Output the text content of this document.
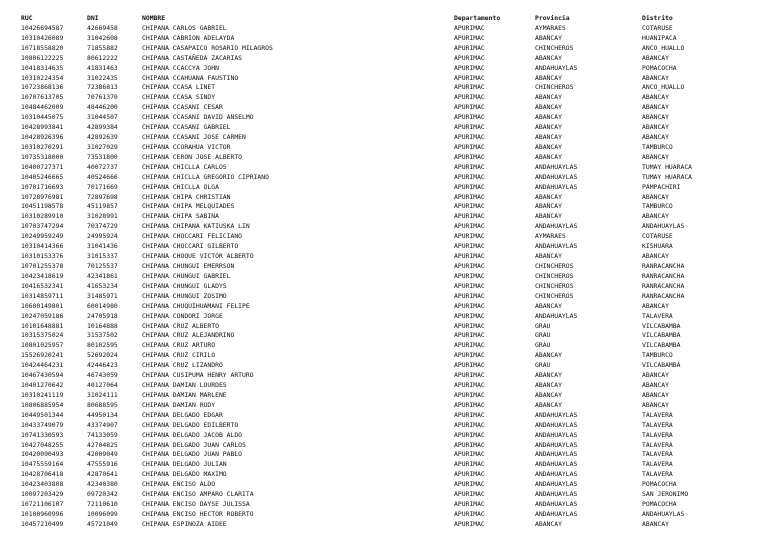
RUC	DNI	NOMBRE	Departamento	Provincia	Distrito
10426694587	42669458	CHIPANA CARLOS GABRIEL	APURIMAC	AYMARAES	COTARUSE
10310426089	31042608	CHIPANA CABRION ADELAYDA	APURIMAC	ABANCAY	HUANIPACA
10718558820	71855882	CHIPANA CASAPAICO ROSARIO MILAGROS	APURIMAC	CHINCHEROS	ANCO_HUALLO
10806122225	80612222	CHIPANA CASTAÑEDA ZACARIAS	APURIMAC	ABANCAY	ABANCAY
10418314635	41831463	CHIPANA CCACCYA JOHN	APURIMAC	ANDAHUAYLAS	POMACOCHA
10310224354	31022435	CHIPANA CCAHUANA FAUSTINO	APURIMAC	ABANCAY	ABANCAY
10723868136	72386813	CHIPANA CCASA LINET	APURIMAC	CHINCHEROS	ANCO_HUALLO
10707613705	70761370	CHIPANA CCASA SINDY	APURIMAC	ABANCAY	ABANCAY
10484462009	48446200	CHIPANA CCASANI CESAR	APURIMAC	ABANCAY	ABANCAY
10310445075	31044507	CHIPANA CCASANI DAVID ANSELMO	APURIMAC	ABANCAY	ABANCAY
10428993841	42899384	CHIPANA CCASANI GABRIEL	APURIMAC	ABANCAY	ABANCAY
10428926396	42892639	CHIPANA CCASANI JOSE CARMEN	APURIMAC	ABANCAY	ABANCAY
10310270291	31027029	CHIPANA CCORAHUA VICTOR	APURIMAC	ABANCAY	TAMBURCO
10735318000	73531800	CHIPANA CERON JOSE ALBERTO	APURIMAC	ABANCAY	ABANCAY
10400727371	40072737	CHIPANA CHICLLA CARLOS	APURIMAC	ANDAHUAYLAS	TUMAY HUARACA
10405246665	40524666	CHIPANA CHICLLA GREGORIO CIPRIANO	APURIMAC	ANDAHUAYLAS	TUMAY HUARACA
10701716693	70171669	CHIPANA CHICLLA OLGA	APURIMAC	ANDAHUAYLAS	PAMPACHIRI
10728976981	72897698	CHIPANA CHIPA CHRISTIAN	APURIMAC	ABANCAY	ABANCAY
10451198578	45119857	CHIPANA CHIPA MELQUIADES	APURIMAC	ABANCAY	TAMBURCO
10310289910	31028991	CHIPANA CHIPA SABINA	APURIMAC	ABANCAY	ABANCAY
10703747294	70374729	CHIPANA CHIPANA KATIUSKA LIN	APURIMAC	ANDAHUAYLAS	ANDAHUAYLAS
10249959249	24995924	CHIPANA CHOCCARI FELICIANO	APURIMAC	AYMARAES	COTARUSE
10310414366	31041436	CHIPANA CHOCCARI GILBERTO	APURIMAC	ANDAHUAYLAS	KISHUARA
10310153376	31015337	CHIPANA CHOQUE VICTOR ALBERTO	APURIMAC	ABANCAY	ABANCAY
10701255378	70125537	CHIPANA CHUNGUI EMERRSON	APURIMAC	CHINCHEROS	RANRACANCHA
10423418619	42341861	CHIPANA CHUNGUI GABRIEL	APURIMAC	CHINCHEROS	RANRACANCHA
10416532341	41653234	CHIPANA CHUNGUI GLADYS	APURIMAC	CHINCHEROS	RANRACANCHA
10314859711	31485971	CHIPANA CHUNGUI ZOSIMO	APURIMAC	CHINCHEROS	RANRACANCHA
10600149801	60014980	CHIPANA CHUQUIHUAMANI FELIPE	APURIMAC	ABANCAY	ABANCAY
10247059186	24705918	CHIPANA CONDORI JORGE	APURIMAC	ANDAHUAYLAS	TALAVERA
10101648881	10164888	CHIPANA CRUZ ALBERTO	APURIMAC	GRAU	VILCABAMBA
10315375024	31537502	CHIPANA CRUZ ALEJANDRINO	APURIMAC	GRAU	VILCABAMBA
10801025957	80102595	CHIPANA CRUZ ARTURO	APURIMAC	GRAU	VILCABAMBA
15526920241	52692024	CHIPANA CRUZ CIRILO	APURIMAC	ABANCAY	TAMBURCO
10424464231	42446423	CHIPANA CRUZ LIZANDRO	APURIMAC	GRAU	VILCABAMBA
10467430594	46743059	CHIPANA CUSIPUMA HENRY ARTURO	APURIMAC	ABANCAY	ABANCAY
10401270642	40127064	CHIPANA DAMIAN LOURDES	APURIMAC	ABANCAY	ABANCAY
10310241119	31024111	CHIPANA DAMIAN MARLENE	APURIMAC	ABANCAY	ABANCAY
10806885954	80688595	CHIPANA DAMIAN RUDY	APURIMAC	ABANCAY	ABANCAY
10449501344	44950134	CHIPANA DELGADO EDGAR	APURIMAC	ANDAHUAYLAS	TALAVERA
10433749079	43374907	CHIPANA DELGADO EDILBERTO	APURIMAC	ANDAHUAYLAS	TALAVERA
10741330593	74133059	CHIPANA DELGADO JACOB ALDO	APURIMAC	ANDAHUAYLAS	TALAVERA
10427048255	42704825	CHIPANA DELGADO JUAN CARLOS	APURIMAC	ANDAHUAYLAS	TALAVERA
10420090493	42009049	CHIPANA DELGADO JUAN PABLO	APURIMAC	ANDAHUAYLAS	TALAVERA
10475559164	47555916	CHIPANA DELGADO JULIAN	APURIMAC	ANDAHUAYLAS	TALAVERA
10428706418	42870641	CHIPANA DELGADO MAXIMO	APURIMAC	ANDAHUAYLAS	TALAVERA
10423403808	42340380	CHIPANA ENCISO ALDO	APURIMAC	ANDAHUAYLAS	POMACOCHA
10097203429	09720342	CHIPANA ENCISO AMPARO CLARITA	APURIMAC	ANDAHUAYLAS	SAN JERONIMO
10721106107	72110610	CHIPANA ENCISO DAYSE JULISSA	APURIMAC	ANDAHUAYLAS	POMACOCHA
10100960996	10096099	CHIPANA ENCISO HECTOR ROBERTO	APURIMAC	ANDAHUAYLAS	ANDAHUAYLAS
10457210499	45721049	CHIPANA ESPINOZA AIDEE	APURIMAC	ABANCAY	ABANCAY
